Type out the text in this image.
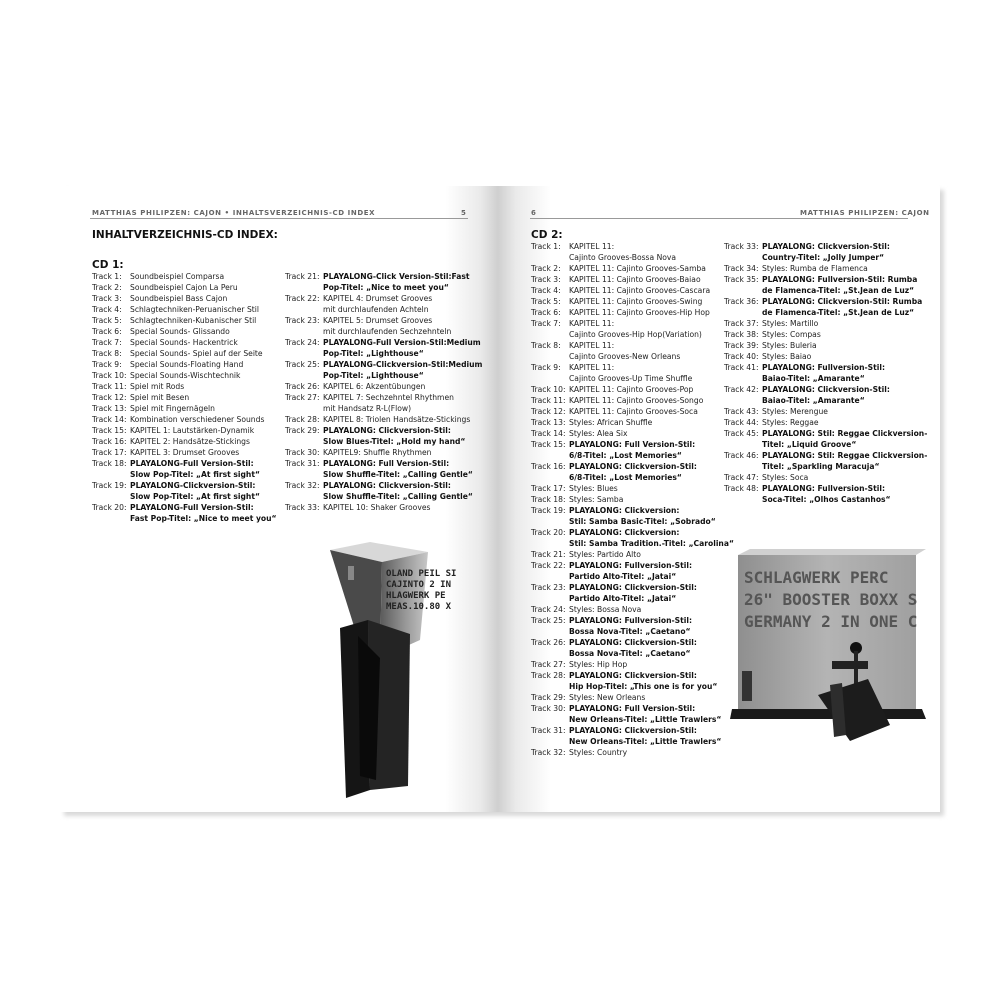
MATTHIAS PHILIPZEN: CAJON • INHALTSVERZEICHNIS-CD INDEX	5	6	MATTHIAS PHILIPZEN: CAJON
INHALTVERZEICHNIS-CD INDEX:
CD 1:
CD 2:
Track 1: Soundbeispiel Comparsa
Track 2: Soundbeispiel Cajon La Peru
Track 3: Soundbeispiel Bass Cajon
Track 4: Schlagtechniken-Peruanischer Stil
Track 5: Schlagtechniken-Kubanischer Stil
Track 6: Special Sounds- Glissando
Track 7: Special Sounds- Hackentrick
Track 8: Special Sounds- Spiel auf der Seite
Track 9: Special Sounds-Floating Hand
Track 10: Special Sounds-Wischtechnik
Track 11: Spiel mit Rods
Track 12: Spiel mit Besen
Track 13: Spiel mit Fingernägeln
Track 14: Kombination verschiedener Sounds
Track 15: KAPITEL 1: Lautstärken-Dynamik
Track 16: KAPITEL 2: Handsätze-Stickings
Track 17: KAPITEL 3: Drumset Grooves
Track 18: PLAYALONG-Full Version-Stil:
Slow Pop-Titel: „At first sight“
Track 19: PLAYALONG-Clickversion-Stil:
Slow Pop-Titel: „At first sight“
Track 20: PLAYALONG-Full Version-Stil:
Fast Pop-Titel: „Nice to meet you“
Track 21: PLAYALONG-Click Version-Stil:Fast
Pop-Titel: „Nice to meet you“
Track 22: KAPITEL 4: Drumset Grooves
mit durchlaufenden Achteln
Track 23: KAPITEL 5: Drumset Grooves
mit durchlaufenden Sechzehnteln
Track 24: PLAYALONG-Full Version-Stil:Medium
Pop-Titel: „Lighthouse“
Track 25: PLAYALONG-Clickversion-Stil:Medium
Pop-Titel: „Lighthouse“
Track 26: KAPITEL 6: Akzentübungen
Track 27: KAPITEL 7: Sechzehntel Rhythmen
mit Handsatz R-L(Flow)
Track 28: KAPITEL 8: Triolen Handsätze-Stickings
Track 29: PLAYALONG: Clickversion-Stil:
Slow Blues-Titel: „Hold my hand“
Track 30: KAPITEL9: Shuffle Rhythmen
Track 31: PLAYALONG: Full Version-Stil:
Slow Shuffle-Titel: „Calling Gentle“
Track 32: PLAYALONG: Clickversion-Stil:
Slow Shuffle-Titel: „Calling Gentle“
Track 33: KAPITEL 10: Shaker Grooves
Track 1: KAPITEL 11:
Cajinto Grooves-Bossa Nova
Track 2: KAPITEL 11: Cajinto Grooves-Samba
Track 3: KAPITEL 11: Cajinto Grooves-Baiao
Track 4: KAPITEL 11: Cajinto Grooves-Cascara
Track 5: KAPITEL 11: Cajinto Grooves-Swing
Track 6: KAPITEL 11: Cajinto Grooves-Hip Hop
Track 7: KAPITEL 11:
Cajinto Grooves-Hip Hop(Variation)
Track 8: KAPITEL 11:
Cajinto Grooves-New Orleans
Track 9: KAPITEL 11:
Cajinto Grooves-Up Time Shuffle
Track 10: KAPITEL 11: Cajinto Grooves-Pop
Track 11: KAPITEL 11: Cajinto Grooves-Songo
Track 12: KAPITEL 11: Cajinto Grooves-Soca
Track 13: Styles: African Shuffle
Track 14: Styles: Alea Six
Track 15: PLAYALONG: Full Version-Stil:
6/8-Titel: „Lost Memories“
Track 16: PLAYALONG: Clickversion-Stil:
6/8-Titel: „Lost Memories“
Track 17: Styles: Blues
Track 18: Styles: Samba
Track 19: PLAYALONG: Clickversion:
Stil: Samba Basic-Titel: „Sobrado“
Track 20: PLAYALONG: Clickversion:
Stil: Samba Tradition.-Titel: „Carolina“
Track 21: Styles: Partido Alto
Track 22: PLAYALONG: Fullversion-Stil:
Partido Alto-Titel: „Jatai“
Track 23: PLAYALONG: Clickversion-Stil:
Partido Alto-Titel: „Jatai“
Track 24: Styles: Bossa Nova
Track 25: PLAYALONG: Fullversion-Stil:
Bossa Nova-Titel: „Caetano“
Track 26: PLAYALONG: Clickversion-Stil:
Bossa Nova-Titel: „Caetano“
Track 27: Styles: Hip Hop
Track 28: PLAYALONG: Clickversion-Stil:
Hip Hop-Titel: „This one is for you“
Track 29: Styles: New Orleans
Track 30: PLAYALONG: Full Version-Stil:
New Orleans-Titel: „Little Trawlers“
Track 31: PLAYALONG: Clickversion-Stil:
New Orleans-Titel: „Little Trawlers“
Track 32: Styles: Country
Track 33: PLAYALONG: Clickversion-Stil:
Country-Titel: „Jolly Jumper“
Track 34: Styles: Rumba de Flamenca
Track 35: PLAYALONG: Fullversion-Stil: Rumba
de Flamenca-Titel: „St.Jean de Luz“
Track 36: PLAYALONG: Clickversion-Stil: Rumba
de Flamenca-Titel: „St.Jean de Luz“
Track 37: Styles: Martillo
Track 38: Styles: Compas
Track 39: Styles: Buleria
Track 40: Styles: Baiao
Track 41: PLAYALONG: Fullversion-Stil:
Baiao-Titel: „Amarante“
Track 42: PLAYALONG: Clickversion-Stil:
Baiao-Titel: „Amarante“
Track 43: Styles: Merengue
Track 44: Styles: Reggae
Track 45: PLAYALONG: Stil: Reggae Clickversion-
Titel: „Liquid Groove“
Track 46: PLAYALONG: Stil: Reggae Clickversion-
Titel: „Sparkling Maracuja“
Track 47: Styles: Soca
Track 48: PLAYALONG: Fullversion-Stil:
Soca-Titel: „Olhos Castanhos“
OLAND PEIL SI
CAJINTO 2 IN
HLAGWERK PE
MEAS.10.80 X
SCHLAGWERK PERC
26" BOOSTER BOXX S
GERMANY 2 IN ONE C
